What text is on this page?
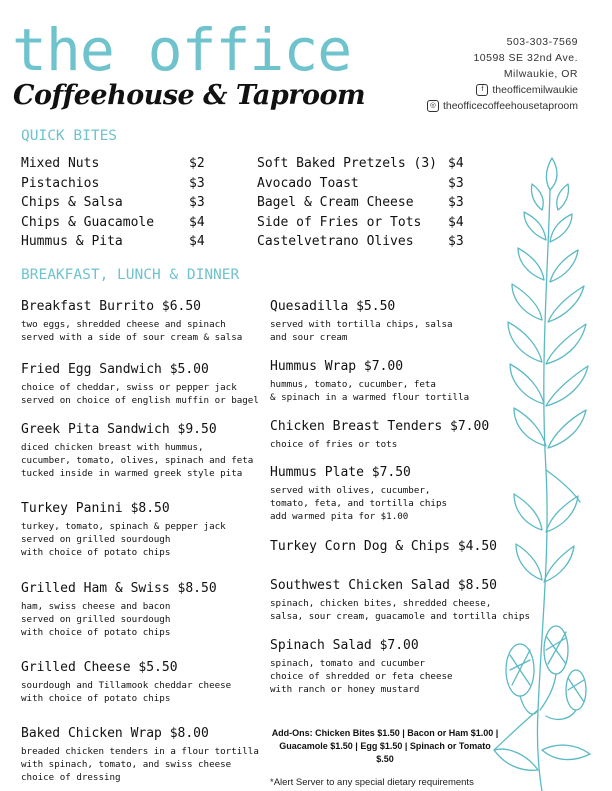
the office
Coffeehouse & Taproom
503-303-7569
10598 SE 32nd Ave.
Milwaukie, OR
f theofficemilwaukie
◎ theofficecoffeehousetaproom
QUICK BITES
Mixed Nuts
Pistachios
Chips & Salsa
Chips & Guacamole
Hummus & Pita
$2
$3
$3
$4
$4
Soft Baked Pretzels (3)
Avocado Toast
Bagel & Cream Cheese
Side of Fries or Tots
Castelvetrano Olives
$4
$3
$3
$4
$3
BREAKFAST, LUNCH & DINNER
Breakfast Burrito $6.50
two eggs, shredded cheese and spinach
served with a side of sour cream & salsa
Fried Egg Sandwich $5.00
choice of cheddar, swiss or pepper jack
served on choice of english muffin or bagel
Greek Pita Sandwich $9.50
diced chicken breast with hummus,
cucumber, tomato, olives, spinach and feta
tucked inside in warmed greek style pita
Turkey Panini $8.50
turkey, tomato, spinach & pepper jack
served on grilled sourdough
with choice of potato chips
Grilled Ham & Swiss $8.50
ham, swiss cheese and bacon
served on grilled sourdough
with choice of potato chips
Grilled Cheese $5.50
sourdough and Tillamook cheddar cheese
with choice of potato chips
Baked Chicken Wrap $8.00
breaded chicken tenders in a flour tortilla
with spinach, tomato, and swiss cheese
choice of dressing
Quesadilla $5.50
served with tortilla chips, salsa
and sour cream
Hummus Wrap $7.00
hummus, tomato, cucumber, feta
& spinach in a warmed flour tortilla
Chicken Breast Tenders $7.00
choice of fries or tots
Hummus Plate $7.50
served with olives, cucumber,
tomato, feta, and tortilla chips
add warmed pita for $1.00
Turkey Corn Dog & Chips $4.50
Southwest Chicken Salad $8.50
spinach, chicken bites, shredded cheese,
salsa, sour cream, guacamole and tortilla chips
Spinach Salad $7.00
spinach, tomato and cucumber
choice of shredded or feta cheese
with ranch or honey mustard
Add-Ons: Chicken Bites $1.50 | Bacon or Ham $1.00 | Guacamole $1.50 | Egg $1.50 | Spinach or Tomato $.50
*Alert Server to any special dietary requirements
